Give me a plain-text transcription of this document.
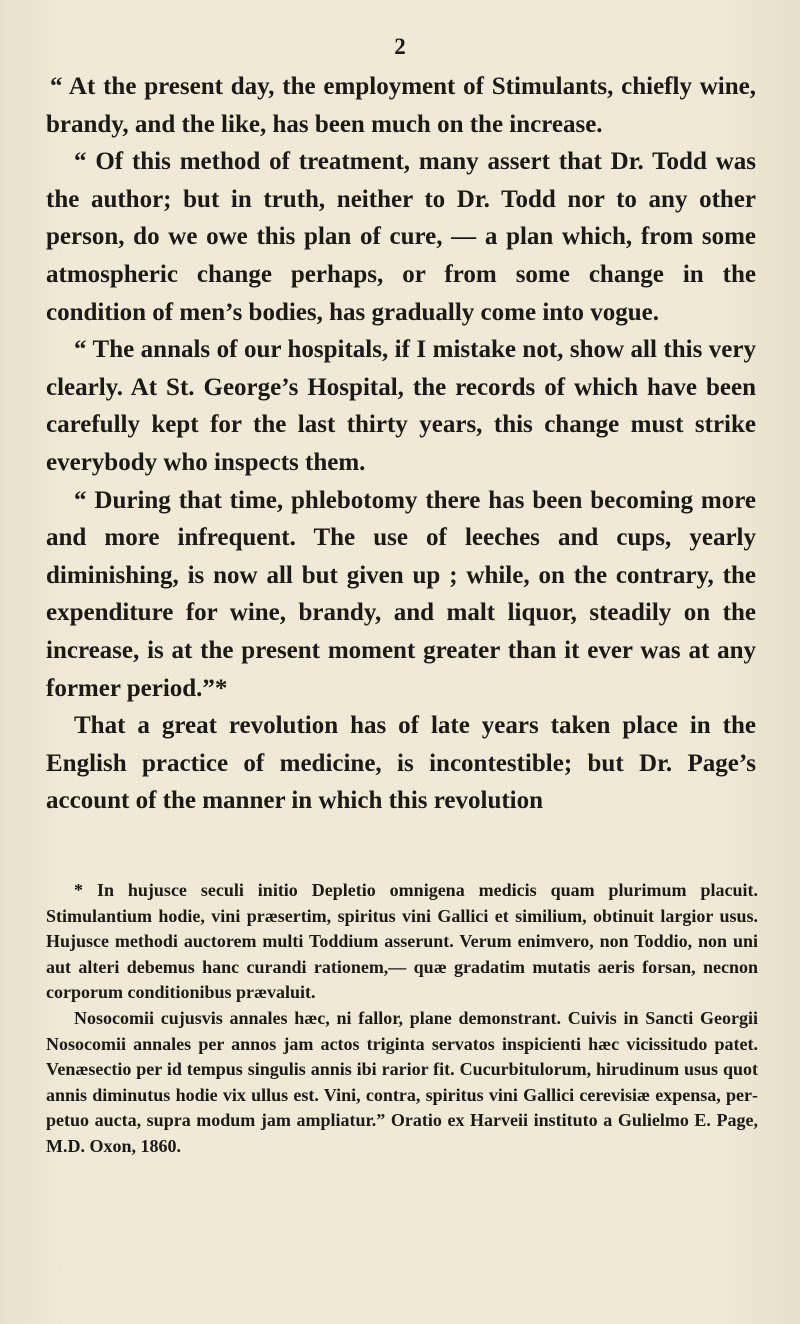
2

“ At the present day, the employment of Stimulants, chiefly wine, brandy, and the like, has been much on the increase.

“ Of this method of treatment, many assert that Dr. Todd was the author; but in truth, neither to Dr. Todd nor to any other person, do we owe this plan of cure, — a plan which, from some atmospheric change perhaps, or from some change in the condition of men’s bodies, has gradually come into vogue.

“ The annals of our hospitals, if I mistake not, show all this very clearly. At St. George’s Hospital, the records of which have been carefully kept for the last thirty years, this change must strike everybody who inspects them.

“ During that time, phlebotomy there has been becoming more and more infrequent. The use of leeches and cups, yearly diminishing, is now all but given up ; while, on the contrary, the expenditure for wine, brandy, and malt liquor, steadily on the increase, is at the present moment greater than it ever was at any former period.”*

That a great revolution has of late years taken place in the English practice of medicine, is incontestible; but Dr. Page’s account of the manner in which this revolution

* In hujusce seculi initio Depletio omnigena medicis quam plurimum placuit. Stimulantium hodie, vini præsertim, spiritus vini Gallici et similium, obtinuit largior usus. Hujusce methodi auctorem multi Toddium asserunt. Verum enimvero, non Toddio, non uni aut alteri debemus hanc curandi rationem,— quæ gradatim mutatis aeris forsan, necnon corporum conditionibus prævaluit.

Nosocomii cujusvis annales hæc, ni fallor, plane demonstrant. Cuivis in Sancti Georgii Nosocomii annales per annos jam actos triginta servatos inspicienti hæc vicissitudo patet. Venæsectio per id tempus singulis annis ibi rarior fit. Cucurbitulorum, hirudinum usus quot annis diminutus hodie vix ullus est. Vini, contra, spiritus vini Gallici cerevisiæ expensa, perpetuo aucta, supra modum jam ampliatur.” Oratio ex Harveii instituto a Gulielmo E. Page, M.D. Oxon, 1860.
